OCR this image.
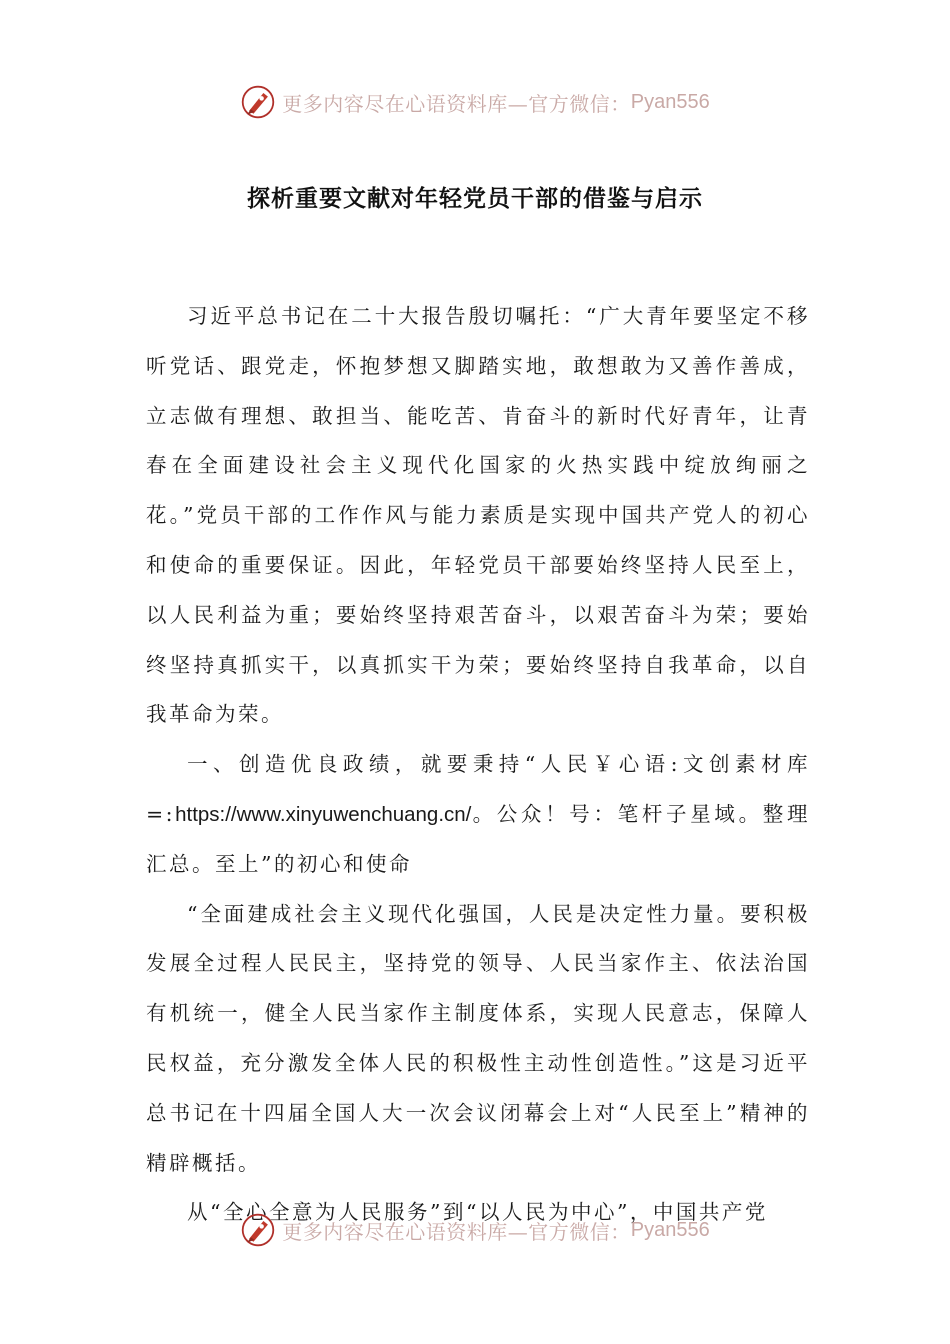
更多内容尽在心语资料库—官方微信： Pyan556
探析重要文献对年轻党员干部的借鉴与启示

习近平总书记在二十大报告殷切嘱托：“广大青年要坚定不移听党话、跟党走，怀抱梦想又脚踏实地，敢想敢为又善作善成，立志做有理想、敢担当、能吃苦、肯奋斗的新时代好青年，让青春在全面建设社会主义现代化国家的火热实践中绽放绚丽之花。”党员干部的工作作风与能力素质是实现中国共产党人的初心和使命的重要保证。因此，年轻党员干部要始终坚持人民至上，以人民利益为重；要始终坚持艰苦奋斗，以艰苦奋斗为荣；要始终坚持真抓实干，以真抓实干为荣；要始终坚持自我革命，以自我革命为荣。

一、创造优良政绩，就要秉持“人民￥心语:文创素材库=:https://www.xinyuwenchuang.cn/。公众！号：笔杆子星域。整理汇总。至上”的初心和使命

“全面建成社会主义现代化强国，人民是决定性力量。要积极发展全过程人民民主，坚持党的领导、人民当家作主、依法治国有机统一，健全人民当家作主制度体系，实现人民意志，保障人民权益，充分激发全体人民的积极性主动性创造性。”这是习近平总书记在十四届全国人大一次会议闭幕会上对“人民至上”精神的精辟概括。

从“全心全意为人民服务”到“以人民为中心”，中国共产党

更多内容尽在心语资料库—官方微信： Pyan556
